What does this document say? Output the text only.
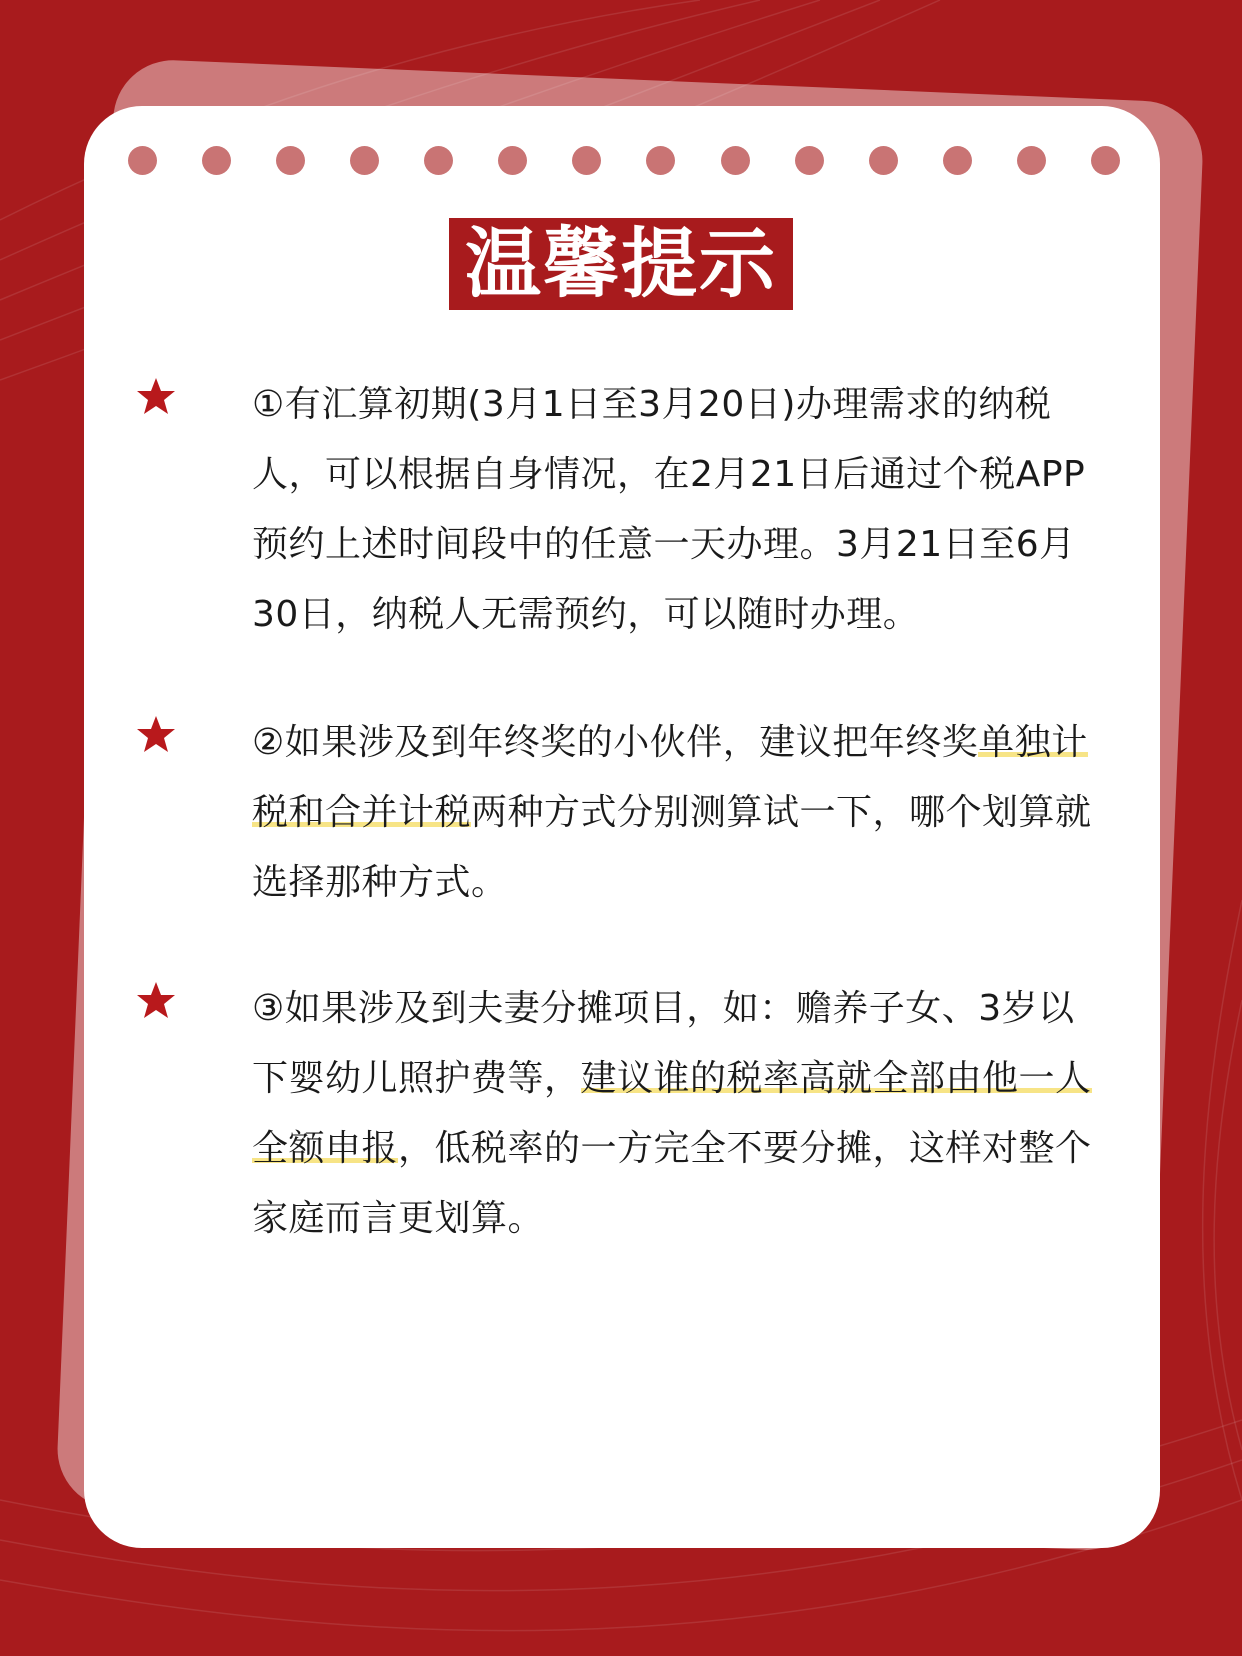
温馨提示
①有汇算初期(3月1日至3月20日)办理需求的纳税人，可以根据自身情况，在2月21日后通过个税APP预约上述时间段中的任意一天办理。3月21日至6月30日，纳税人无需预约，可以随时办理。
②如果涉及到年终奖的小伙伴，建议把年终奖单独计税和合并计税两种方式分别测算试一下，哪个划算就选择那种方式。
③如果涉及到夫妻分摊项目，如：赡养子女、3岁以下婴幼儿照护费等，建议谁的税率高就全部由他一人全额申报，低税率的一方完全不要分摊，这样对整个家庭而言更划算。
